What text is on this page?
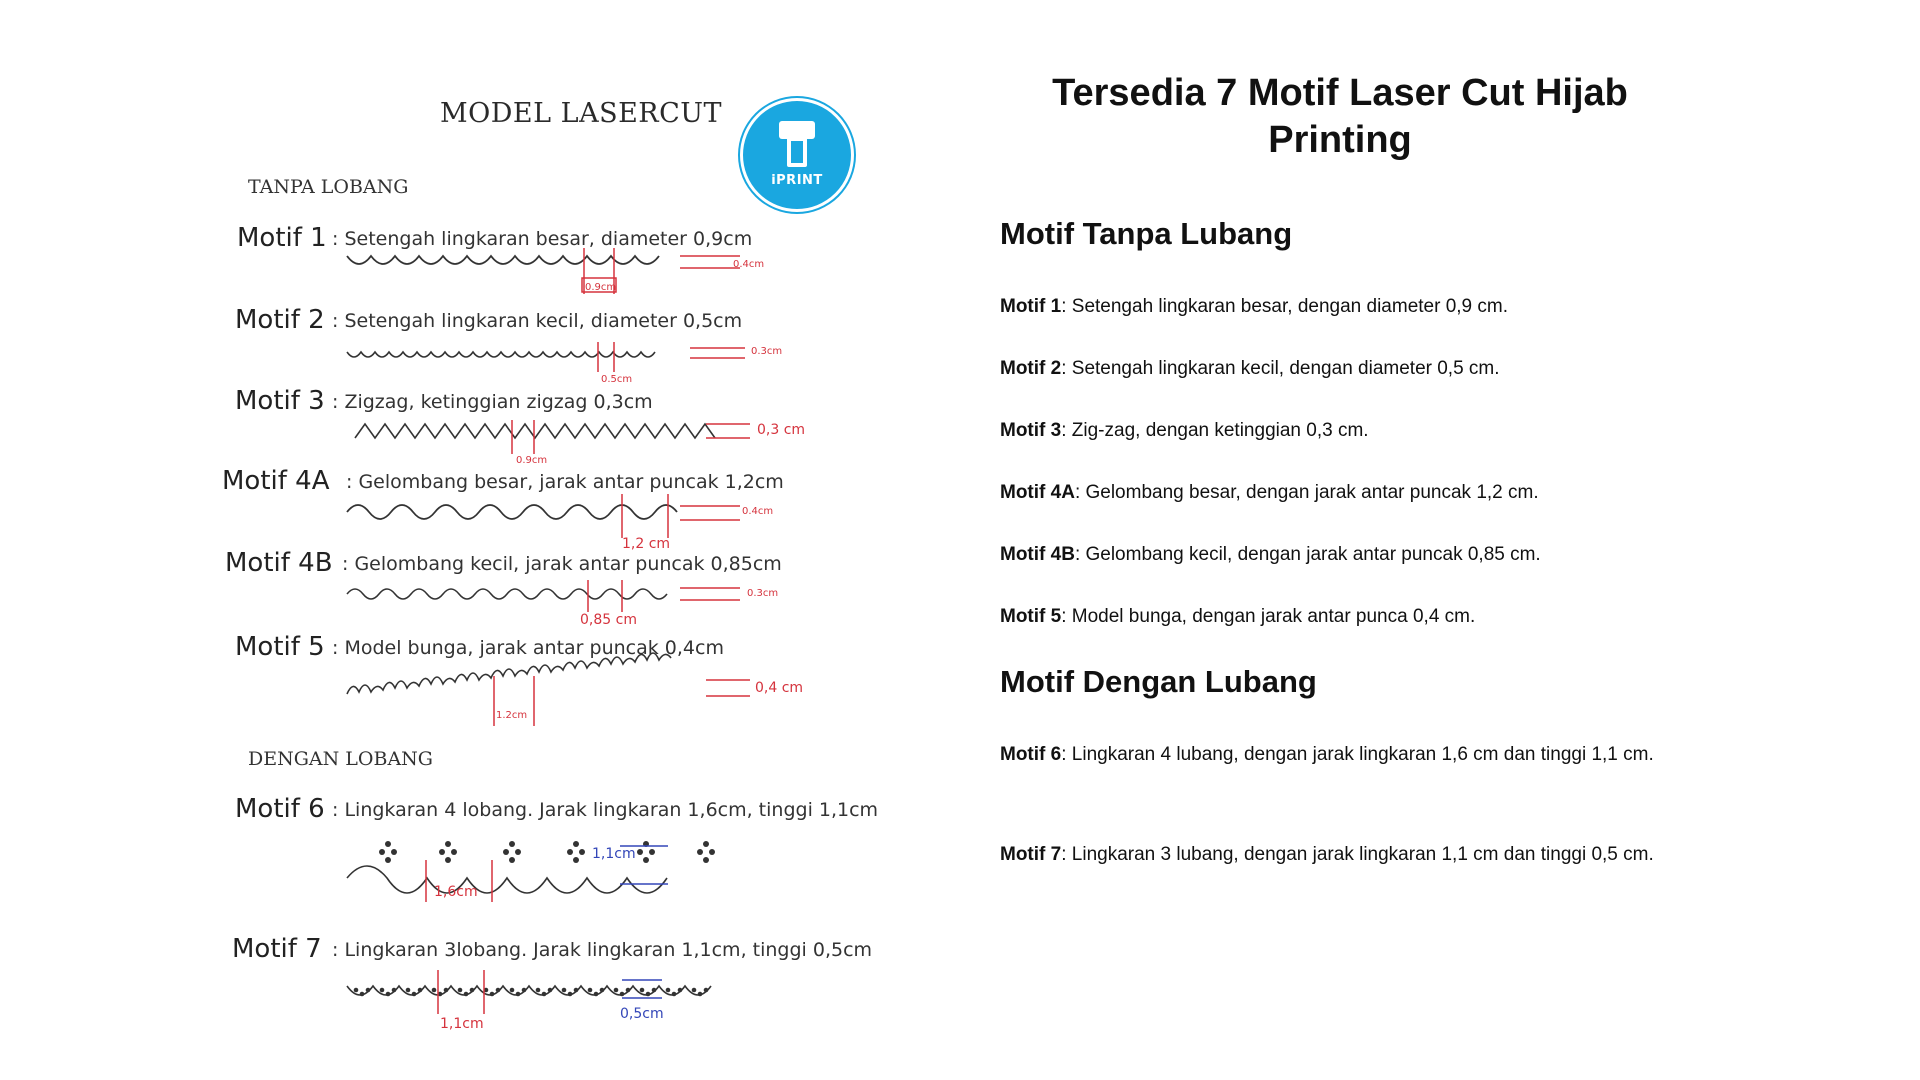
MODEL LASERCUT
iPRINT
TANPA LOBANG
DENGAN LOBANG
Motif 1 : Setengah lingkaran besar, diameter 0,9cm
0.9cm
0.4cm
Motif 2	: Setengah lingkaran kecil, diameter 0,5cm
0.5cm
0.3cm
Motif 3	: Zigzag, ketinggian zigzag 0,3cm
0.9cm
0,3 cm
Motif 4A	: Gelombang besar, jarak antar puncak 1,2cm
1,2 cm
0.4cm
Motif 4B	: Gelombang kecil, jarak antar puncak 0,85cm
0,85 cm
0.3cm
Motif 5	: Model bunga, jarak antar puncak 0,4cm
1.2cm
0,4 cm
Motif 6	: Lingkaran 4 lobang. Jarak lingkaran 1,6cm, tinggi 1,1cm
1,6cm
1,1cm
Motif 7	: Lingkaran 3lobang. Jarak lingkaran 1,1cm, tinggi 0,5cm
1,1cm
0,5cm
Tersedia 7 Motif Laser Cut Hijab Printing
Motif Tanpa Lubang

Motif 1: Setengah lingkaran besar, dengan diameter 0,9 cm.

Motif 2: Setengah lingkaran kecil, dengan diameter 0,5 cm.

Motif 3: Zig-zag, dengan ketinggian 0,3 cm.

Motif 4A: Gelombang besar, dengan jarak antar puncak 1,2 cm.

Motif 4B: Gelombang kecil, dengan jarak antar puncak 0,85 cm.

Motif 5: Model bunga, dengan jarak antar punca 0,4 cm.

Motif Dengan Lubang

Motif 6: Lingkaran 4 lubang, dengan jarak lingkaran 1,6 cm dan tinggi 1,1 cm.

Motif 7: Lingkaran 3 lubang, dengan jarak lingkaran 1,1 cm dan tinggi 0,5 cm.
